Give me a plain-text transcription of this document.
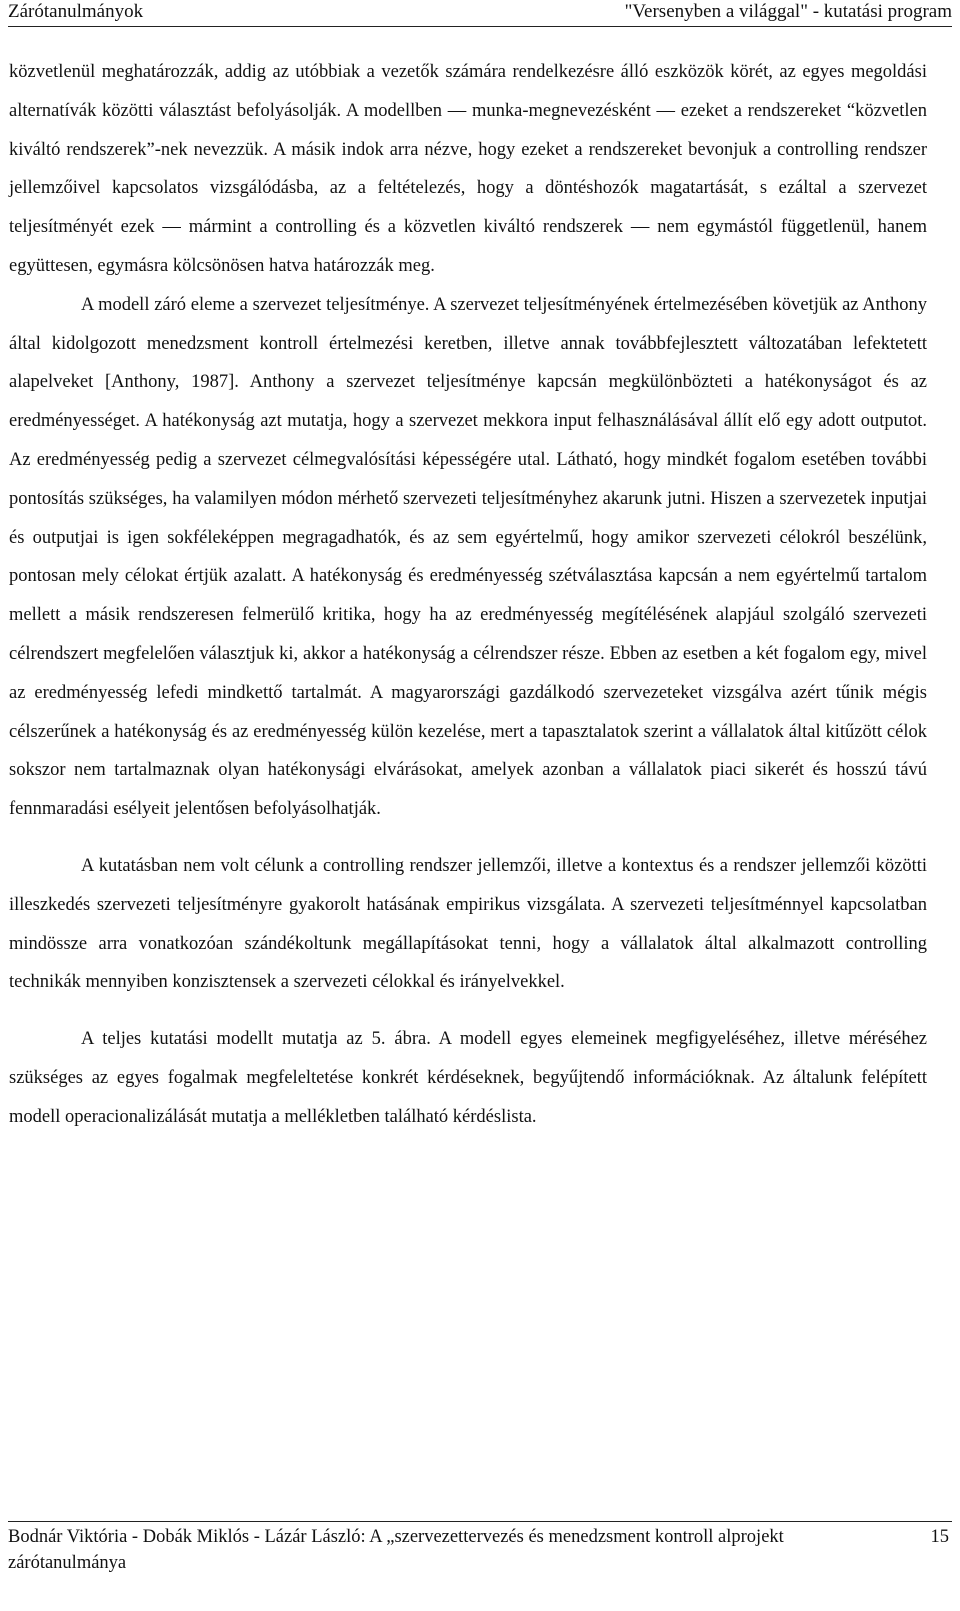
Zárótanulmányok	"Versenyben a világgal" - kutatási program

közvetlenül meghatározzák, addig az utóbbiak a vezetők számára rendelkezésre álló eszközök körét, az egyes megoldási alternatívák közötti választást befolyásolják. A modellben — munka-megnevezésként — ezeket a rendszereket “közvetlen kiváltó rendszerek”-nek nevezzük. A másik indok arra nézve, hogy ezeket a rendszereket bevonjuk a controlling rendszer jellemzőivel kapcsolatos vizsgálódásba, az a feltételezés, hogy a döntéshozók magatartását, s ezáltal a szervezet teljesítményét ezek — mármint a controlling és a közvetlen kiváltó rendszerek — nem egymástól függetlenül, hanem együttesen, egymásra kölcsönösen hatva határozzák meg.

A modell záró eleme a szervezet teljesítménye. A szervezet teljesítményének értelmezésében követjük az Anthony által kidolgozott menedzsment kontroll értelmezési keretben, illetve annak továbbfejlesztett változatában lefektetett alapelveket [Anthony, 1987]. Anthony a szervezet teljesítménye kapcsán megkülönbözteti a hatékonyságot és az eredményességet. A hatékonyság azt mutatja, hogy a szervezet mekkora input felhasználásával állít elő egy adott outputot. Az eredményesség pedig a szervezet célmegvalósítási képességére utal. Látható, hogy mindkét fogalom esetében további pontosítás szükséges, ha valamilyen módon mérhető szervezeti teljesítményhez akarunk jutni. Hiszen a szervezetek inputjai és outputjai is igen sokféleképpen megragadhatók, és az sem egyértelmű, hogy amikor szervezeti célokról beszélünk, pontosan mely célokat értjük azalatt. A hatékonyság és eredményesség szétválasztása kapcsán a nem egyértelmű tartalom mellett a másik rendszeresen felmerülő kritika, hogy ha az eredményesség megítélésének alapjául szolgáló szervezeti célrendszert megfelelően választjuk ki, akkor a hatékonyság a célrendszer része. Ebben az esetben a két fogalom egy, mivel az eredményesség lefedi mindkettő tartalmát. A magyarországi gazdálkodó szervezeteket vizsgálva azért tűnik mégis célszerűnek a hatékonyság és az eredményesség külön kezelése, mert a tapasztalatok szerint a vállalatok által kitűzött célok sokszor nem tartalmaznak olyan hatékonysági elvárásokat, amelyek azonban a vállalatok piaci sikerét és hosszú távú fennmaradási esélyeit jelentősen befolyásolhatják.

A kutatásban nem volt célunk a controlling rendszer jellemzői, illetve a kontextus és a rendszer jellemzői közötti illeszkedés szervezeti teljesítményre gyakorolt hatásának empirikus vizsgálata. A szervezeti teljesítménnyel kapcsolatban mindössze arra vonatkozóan szándékoltunk megállapításokat tenni, hogy a vállalatok által alkalmazott controlling technikák mennyiben konzisztensek a szervezeti célokkal és irányelvekkel.

A teljes kutatási modellt mutatja az 5. ábra. A modell egyes elemeinek megfigyeléséhez, illetve méréséhez szükséges az egyes fogalmak megfeleltetése konkrét kérdéseknek, begyűjtendő információknak. Az általunk felépített modell operacionalizálását mutatja a mellékletben található kérdéslista.

Bodnár Viktória - Dobák Miklós - Lázár László: A „szervezettervezés és menedzsment kontroll alprojekt zárótanulmánya
15
